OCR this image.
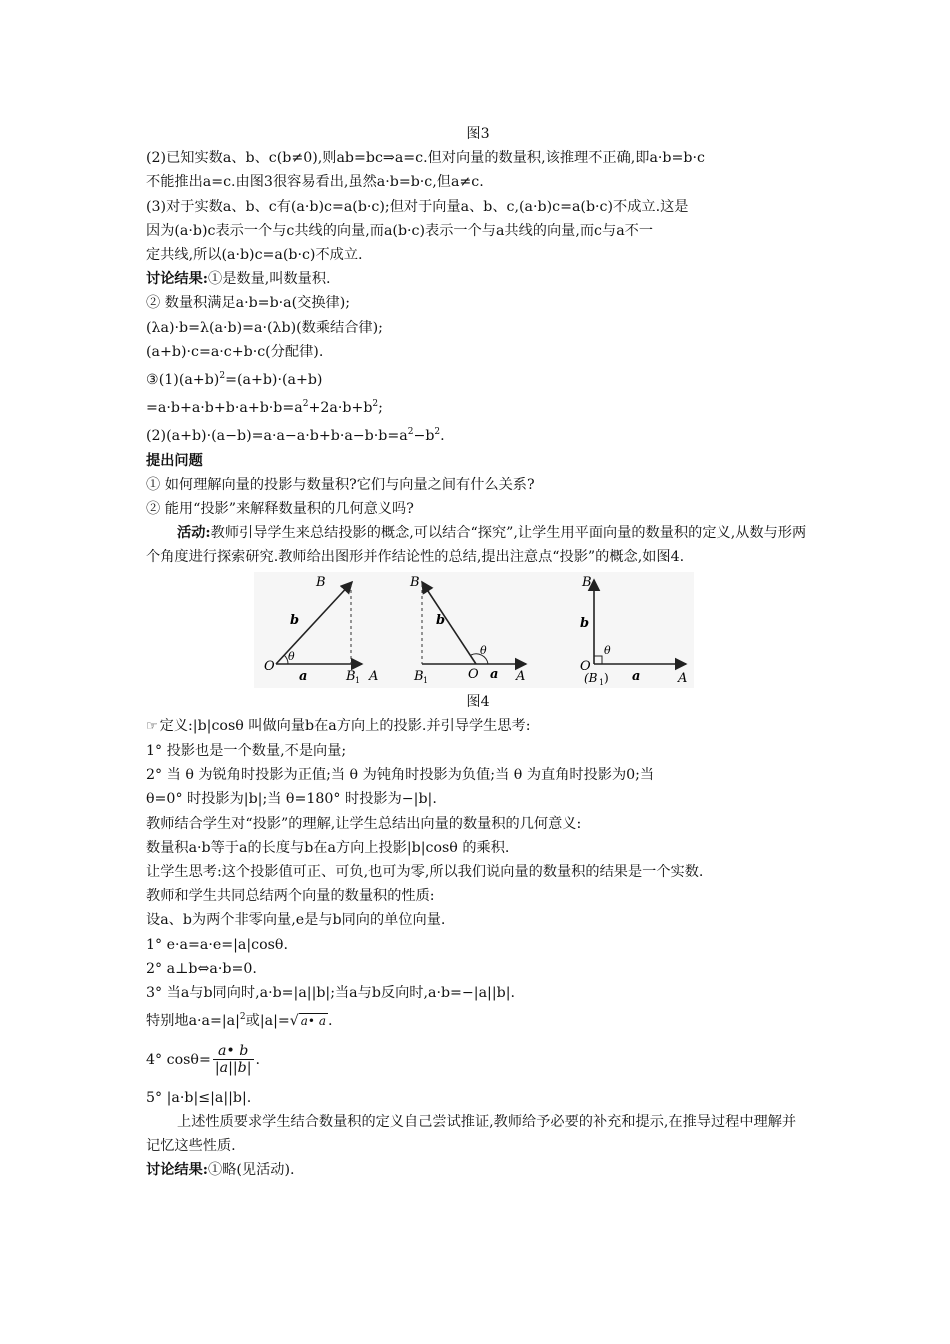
图3
(2)已知实数a、b、c(b≠0),则ab=bc⇒a=c.但对向量的数量积,该推理不正确,即a·b=b·c
不能推出a=c.由图3很容易看出,虽然a·b=b·c,但a≠c.
(3)对于实数a、b、c有(a·b)c=a(b·c);但对于向量a、b、c,(a·b)c=a(b·c)不成立.这是
因为(a·b)c表示一个与c共线的向量,而a(b·c)表示一个与a共线的向量,而c与a不一
定共线,所以(a·b)c=a(b·c)不成立.
讨论结果:①是数量,叫数量积.
② 数量积满足a·b=b·a(交换律);
(λa)·b=λ(a·b)=a·(λb)(数乘结合律);
(a+b)·c=a·c+b·c(分配律).
$③(1)(a+b)^2=(a+b)\cdot(a+b)$
$=a\cdot b+a\cdot b+b\cdot a+b\cdot b=a^2+2a\cdot b+b^2$;
$(2)(a+b)\cdot(a-b)=a\cdot a-a\cdot b+b\cdot a-b\cdot b=a^2-b^2$.
提出问题
① 如何理解向量的投影与数量积?它们与向量之间有什么关系?
② 能用“投影”来解释数量积的几何意义吗?
活动:教师引导学生来总结投影的概念,可以结合“探究”,让学生用平面向量的数量积的定义,从数与形两个角度进行探索研究.教师给出图形并作结论性的总结,提出注意点“投影”的概念,如图4.
B
b
O
θ
a	B 1 A
B
b
θ
B 1	O a A
B
b
θ
O
(B 1 ) a	A
图4
☞ 定义:|b|cosθ 叫做向量b在a方向上的投影.并引导学生思考:
1° 投影也是一个数量,不是向量;
2° 当 θ 为锐角时投影为正值;当 θ 为钝角时投影为负值;当 θ 为直角时投影为0;当
θ=0° 时投影为|b|;当 θ=180° 时投影为−|b|.
教师结合学生对“投影”的理解,让学生总结出向量的数量积的几何意义:
数量积a·b等于a的长度与b在a方向上投影|b|cosθ 的乘积.
让学生思考:这个投影值可正、可负,也可为零,所以我们说向量的数量积的结果是一个实数.
教师和学生共同总结两个向量的数量积的性质:
设a、b为两个非零向量,e是与b同向的单位向量.
1° e·a=a·e=|a|cosθ.
2° a⊥b⇔a·b=0.
3° 当a与b同向时,a·b=|a||b|;当a与b反向时,a·b=−|a||b|.
特别地$a\cdot a=|a|^2$或|a|=√ a• a .
4° $\cos\theta= \frac{a• b}{|a||b|}$ .
5° |a·b|≤|a||b|.
上述性质要求学生结合数量积的定义自己尝试推证,教师给予必要的补充和提示,在推导过程中理解并记忆这些性质.
讨论结果:①略(见活动).
